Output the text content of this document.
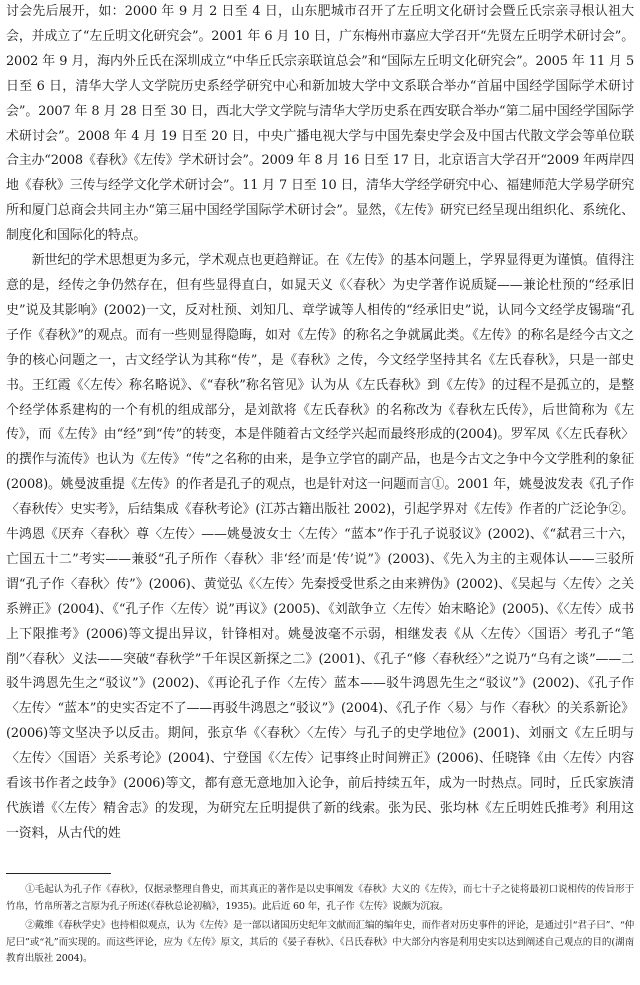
讨会先后展开，如：2000 年 9 月 2 日至 4 日，山东肥城市召开了左丘明文化研讨会暨丘氏宗亲寻根认祖大会，并成立了“左丘明文化研究会”。2001 年 6 月 10 日，广东梅州市嘉应大学召开“先贤左丘明学术研讨会”。2002 年 9 月，海内外丘氏在深圳成立“中华丘氏宗亲联谊总会”和“国际左丘明文化研究会”。2005 年 11 月 5 日至 6 日，清华大学人文学院历史系经学研究中心和新加坡大学中文系联合举办“首届中国经学国际学术研讨会”。2007 年 8 月 28 日至 30 日，西北大学文学院与清华大学历史系在西安联合举办“第二届中国经学国际学术研讨会”。2008 年 4 月 19 日至 20 日，中央广播电视大学与中国先秦史学会及中国古代散文学会等单位联合主办“2008《春秋》《左传》学术研讨会”。2009 年 8 月 16 日至 17 日，北京语言大学召开“2009 年两岸四地《春秋》三传与经学文化学术研讨会”。11 月 7 日至 10 日，清华大学经学研究中心、福建师范大学易学研究所和厦门总商会共同主办“第三届中国经学国际学术研讨会”。显然，《左传》研究已经呈现出组织化、系统化、制度化和国际化的特点。

新世纪的学术思想更为多元，学术观点也更趋辩证。在《左传》的基本问题上，学界显得更为谨慎。值得注意的是，经传之争仍然存在，但有些显得直白，如晁天义《〈春秋〉为史学著作说质疑——兼论杜预的“经承旧史”说及其影响》(2002)一文，反对杜预、刘知几、章学诚等人相传的“经承旧史”说，认同今文经学皮锡瑞“孔子作《春秋》”的观点。而有一些则显得隐晦，如对《左传》的称名之争就属此类。《左传》的称名是经今古文之争的核心问题之一，古文经学认为其称“传”，是《春秋》之传，今文经学坚持其名《左氏春秋》，只是一部史书。王红霞《〈左传〉称名略说》、《“春秋”称名管见》认为从《左氏春秋》到《左传》的过程不是孤立的，是整个经学体系建构的一个有机的组成部分，是刘歆将《左氏春秋》的名称改为《春秋左氏传》，后世简称为《左传》，而《左传》由“经”到“传”的转变，本是伴随着古文经学兴起而最终形成的(2004)。罗军凤《〈左氏春秋〉的撰作与流传》也认为《左传》“传”之名称的由来，是争立学官的副产品，也是今古文之争中今文学胜利的象征(2008)。姚曼波重提《左传》的作者是孔子的观点，也是针对这一问题而言①。2001 年，姚曼波发表《孔子作〈春秋传〉史实考》，后结集成《春秋考论》(江苏古籍出版社 2002)，引起学界对《左传》作者的广泛论争②。牛鸿恩《厌弃〈春秋〉尊〈左传〉——姚曼波女士〈左传〉“蓝本”作于孔子说驳议》(2002)、《“弑君三十六，亡国五十二”考实——兼驳“孔子所作〈春秋〉非‘经’而是‘传’说”》(2003)、《先入为主的主观体认——三驳所谓“孔子作〈春秋〉传”》(2006)、黄觉弘《〈左传〉先秦授受世系之由来辨伪》(2002)、《吴起与〈左传〉之关系辨正》(2004)、《“孔子作〈左传〉说”再议》(2005)、《刘歆争立〈左传〉始末略论》(2005)、《〈左传〉成书上下限推考》(2006)等文提出异议，针锋相对。姚曼波毫不示弱，相继发表《从〈左传〉〈国语〉考孔子“笔削”〈春秋〉义法——突破“春秋学”千年误区新探之二》(2001)、《孔子“修〈春秋经〉”之说乃“乌有之谈”——二驳牛鸿恩先生之“驳议”》(2002)、《再论孔子作〈左传〉蓝本——驳牛鸿恩先生之“驳议”》(2002)、《孔子作〈左传〉“蓝本”的史实否定不了——再驳牛鸿恩之“驳议”》(2004)、《孔子作〈易〉与作〈春秋〉的关系新论》(2006)等文坚决予以反击。期间，张京华《〈春秋〉〈左传〉与孔子的史学地位》(2001)、刘丽文《左丘明与〈左传〉〈国语〉关系考论》(2004)、宁登国《〈左传〉记事终止时间辨正》(2006)、任晓锋《由〈左传〉内容看该书作者之歧争》(2006)等文，都有意无意地加入论争，前后持续五年，成为一时热点。同时，丘氏家族清代族谱《〈左传〉精舍志》的发现，为研究左丘明提供了新的线索。张为民、张均林《左丘明姓氏推考》利用这一资料，从古代的姓

①毛起认为孔子作《春秋》，仅据录整理自鲁史，而其真正的著作是以史事阐发《春秋》大义的《左传》，而七十子之徒将最初口说相传的传旨形于竹帛，竹帛所著之言原为孔子所述(《春秋总论初稿》，1935)。此后近 60 年，孔子作《左传》说颇为沉寂。

②戴维《春秋学史》也持相似观点，认为《左传》是一部以诸国历史纪年文献而汇编的编年史，而作者对历史事件的评论，是通过引“君子曰”、“仲尼曰”或“礼”而实现的。而这些评论，应为《左传》原文，其后的《晏子春秋》、《吕氏春秋》中大部分内容是利用史实以达到阐述自己观点的目的(湖南教育出版社 2004)。
